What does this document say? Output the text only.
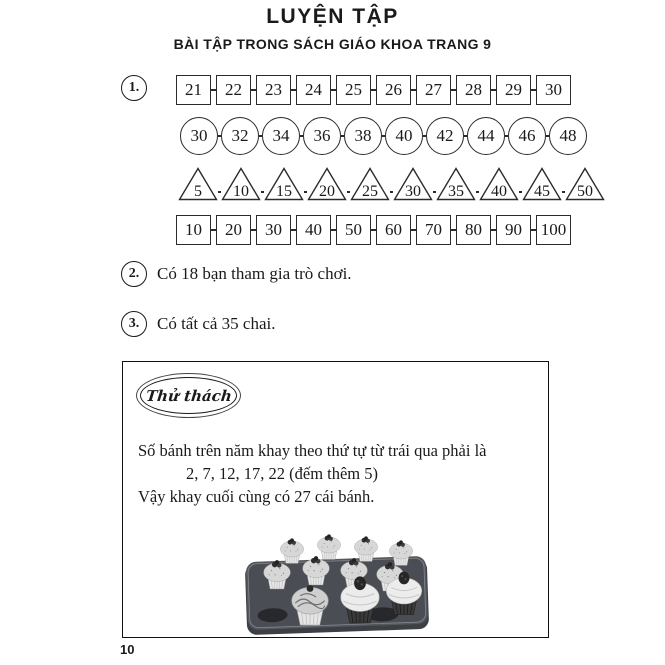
LUYỆN TẬP
BÀI TẬP TRONG SÁCH GIÁO KHOA TRANG 9
1.	21	22	23	24	25	26	27	28	29	30
30	32	34	36	38	40	42	44	46	48
5 10 15 20 25 30 35 40 45 50
10	20	30	40	50	60	70	80	90	100
2.	Có 18 bạn tham gia trò chơi.
3.	Có tất cả 35 chai.
Thử thách
Số bánh trên năm khay theo thứ tự từ trái qua phải là
2, 7, 12, 17, 22 (đếm thêm 5)
Vậy khay cuối cùng có 27 cái bánh.
10
